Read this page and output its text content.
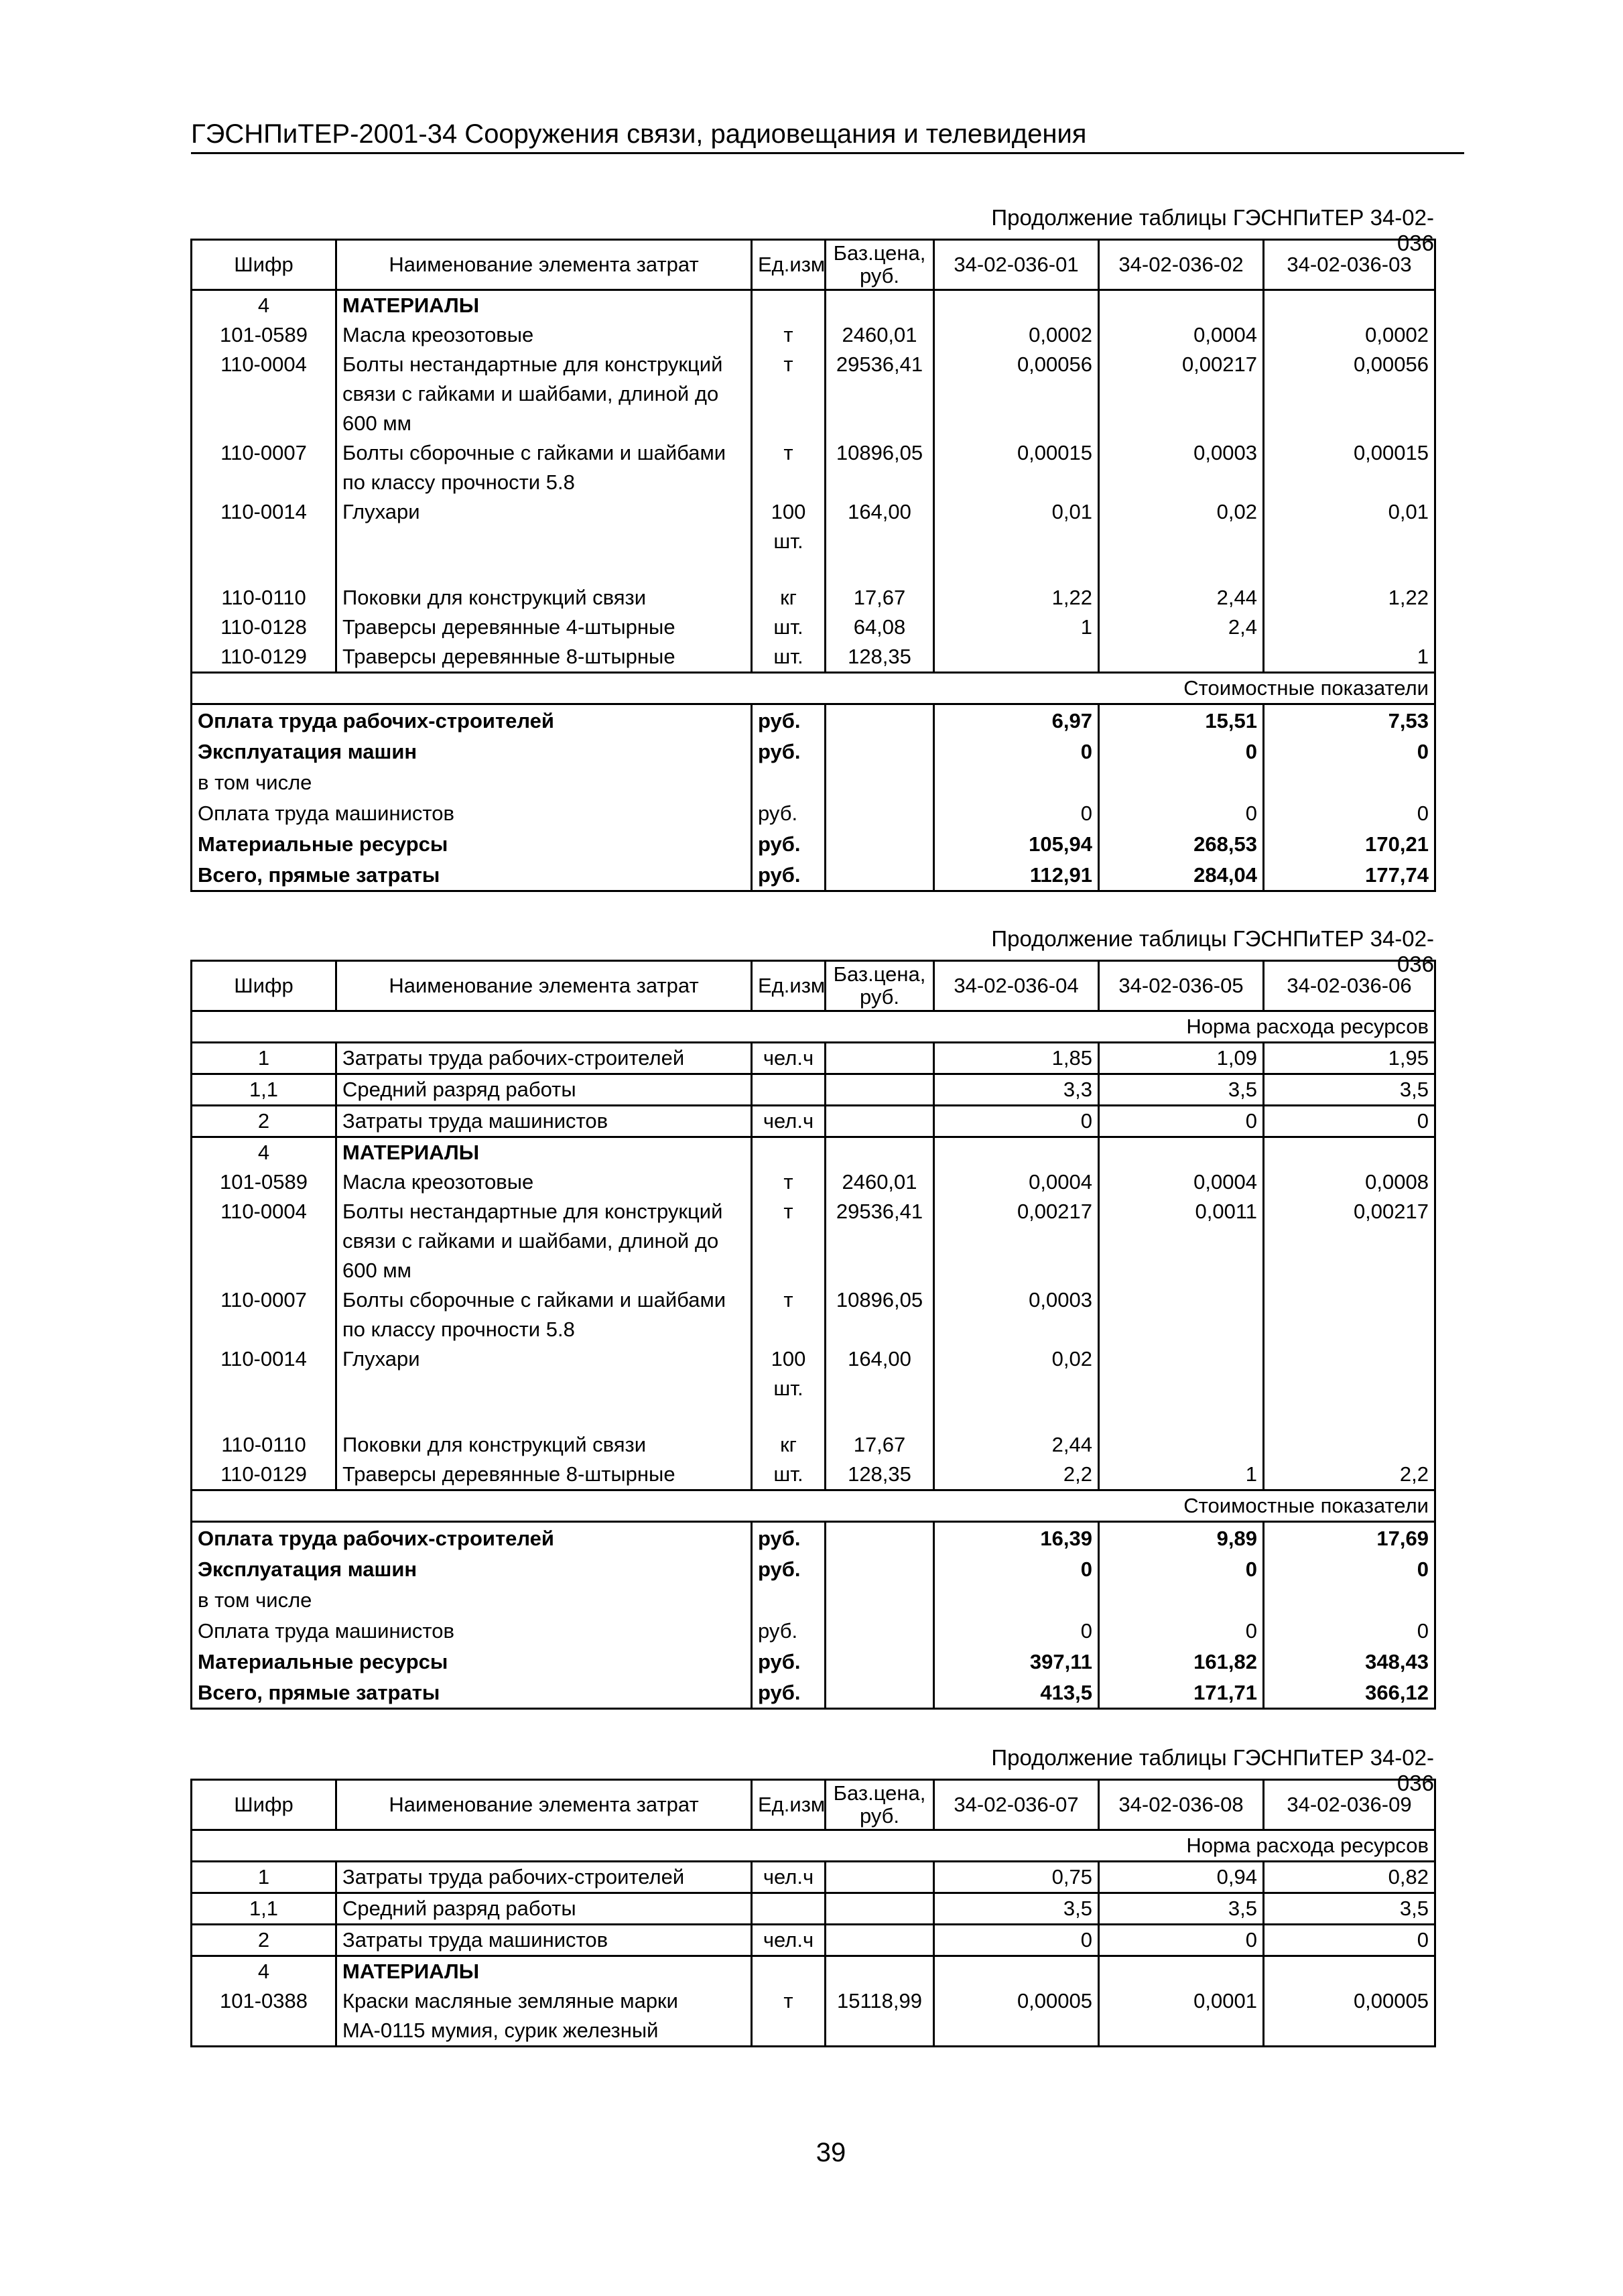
ГЭСНПиТЕР-2001-34 Сооружения связи, радиовещания и телевидения
Продолжение таблицы ГЭСНПиТЕР 34-02-036
Шифр	Наименование элемента затрат	Ед.изм	Баз.цена, руб.	34-02-036-01	34-02-036-02	34-02-036-03
4	МАТЕРИАЛЫ					
101-0589	Масла креозотовые	т	2460,01	0,0002	0,0004	0,0002
110-0004	Болты нестандартные для конструкций связи с гайками и шайбами, длиной до 600 мм	т	29536,41	0,00056	0,00217	0,00056
110-0007	Болты сборочные с гайками и шайбами по классу прочности 5.8	т	10896,05	0,00015	0,0003	0,00015
110-0014	Глухари	100 шт.	164,00	0,01	0,02	0,01

110-0110	Поковки для конструкций связи	кг	17,67	1,22	2,44	1,22
110-0128	Траверсы деревянные 4-штырные	шт.	64,08	1	2,4	
110-0129	Траверсы деревянные 8-штырные	шт.	128,35			1
Стоимостные показатели						
Оплата труда рабочих-строителей		руб.		6,97	15,51	7,53
Эксплуатация машин		руб.		0	0	0
в том числе						
Оплата труда машинистов		руб.		0	0	0
Материальные ресурсы		руб.		105,94	268,53	170,21
Всего, прямые затраты		руб.		112,91	284,04	177,74
Продолжение таблицы ГЭСНПиТЕР 34-02-036
Шифр	Наименование элемента затрат	Ед.изм	Баз.цена, руб.	34-02-036-04	34-02-036-05	34-02-036-06
Норма расхода ресурсов						
1	Затраты труда рабочих-строителей	чел.ч		1,85	1,09	1,95
1,1	Средний разряд работы			3,3	3,5	3,5
2	Затраты труда машинистов	чел.ч		0	0	0
4	МАТЕРИАЛЫ					
101-0589	Масла креозотовые	т	2460,01	0,0004	0,0004	0,0008
110-0004	Болты нестандартные для конструкций связи с гайками и шайбами, длиной до 600 мм	т	29536,41	0,00217	0,0011	0,00217
110-0007	Болты сборочные с гайками и шайбами по классу прочности 5.8	т	10896,05	0,0003		
110-0014	Глухари	100 шт.	164,00	0,02		

110-0110	Поковки для конструкций связи	кг	17,67	2,44		
110-0129	Траверсы деревянные 8-штырные	шт.	128,35	2,2	1	2,2
Стоимостные показатели						
Оплата труда рабочих-строителей		руб.		16,39	9,89	17,69
Эксплуатация машин		руб.		0	0	0
в том числе						
Оплата труда машинистов		руб.		0	0	0
Материальные ресурсы		руб.		397,11	161,82	348,43
Всего, прямые затраты		руб.		413,5	171,71	366,12
Продолжение таблицы ГЭСНПиТЕР 34-02-036
Шифр	Наименование элемента затрат	Ед.изм	Баз.цена, руб.	34-02-036-07	34-02-036-08	34-02-036-09
Норма расхода ресурсов						
1	Затраты труда рабочих-строителей	чел.ч		0,75	0,94	0,82
1,1	Средний разряд работы			3,5	3,5	3,5
2	Затраты труда машинистов	чел.ч		0	0	0
4	МАТЕРИАЛЫ					
101-0388	Краски масляные земляные марки МА-0115 мумия, сурик железный	т	15118,99	0,00005	0,0001	0,00005
39
